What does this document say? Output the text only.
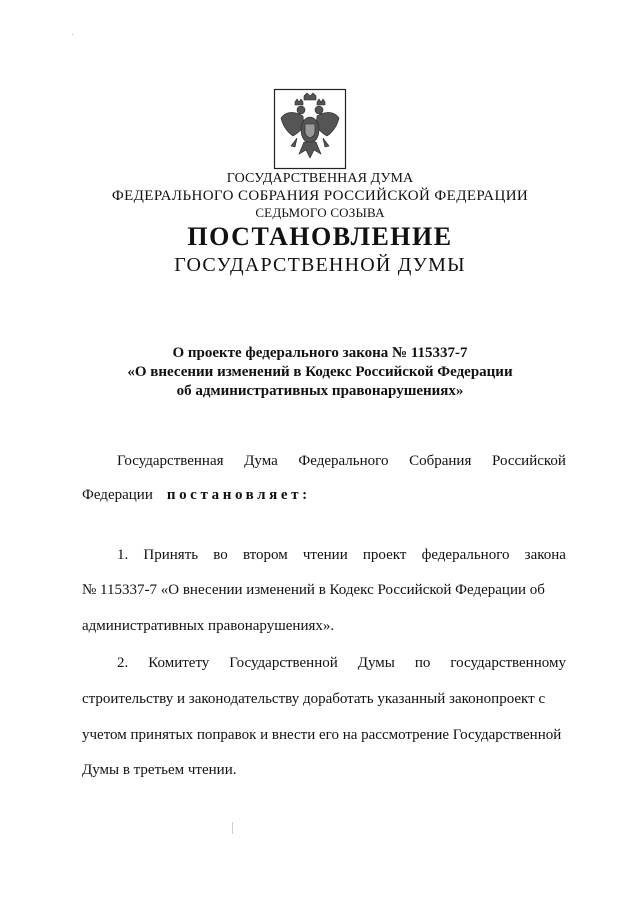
ГОСУДАРСТВЕННАЯ ДУМА
ФЕДЕРАЛЬНОГО СОБРАНИЯ РОССИЙСКОЙ ФЕДЕРАЦИИ
СЕДЬМОГО СОЗЫВА
ПОСТАНОВЛЕНИЕ
ГОСУДАРСТВЕННОЙ ДУМЫ
О проекте федерального закона № 115337-7
«О внесении изменений в Кодекс Российской Федерации
об административных правонарушениях»
Государственная Дума Федерального Собрания Российской
Федерации постановляет:
1. Принять во втором чтении проект федерального закона
№ 115337-7 «О внесении изменений в Кодекс Российской Федерации об
административных правонарушениях».
2. Комитету Государственной Думы по государственному
строительству и законодательству доработать указанный законопроект с
учетом принятых поправок и внести его на рассмотрение Государственной
Думы в третьем чтении.
